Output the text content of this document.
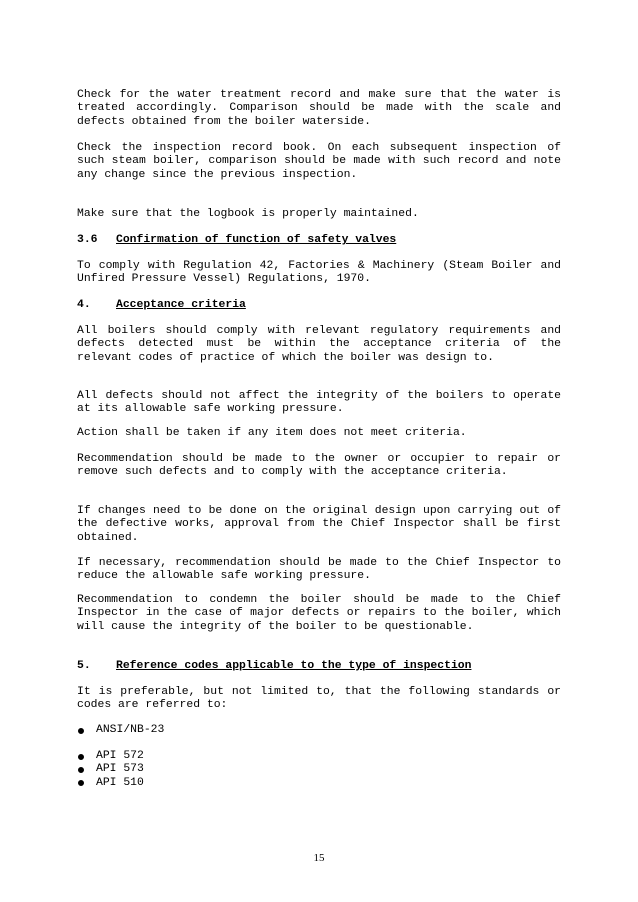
Check for the water treatment record and make sure that the water is treated accordingly. Comparison should be made with the scale and defects obtained from the boiler waterside.

Check the inspection record book. On each subsequent inspection of such steam boiler, comparison should be made with such record and note any change since the previous inspection.

Make sure that the logbook is properly maintained.

3.6 Confirmation of function of safety valves

To comply with Regulation 42, Factories & Machinery (Steam Boiler and Unfired Pressure Vessel) Regulations, 1970.

4. Acceptance criteria

All boilers should comply with relevant regulatory requirements and defects detected must be within the acceptance criteria of the relevant codes of practice of which the boiler was design to.

All defects should not affect the integrity of the boilers to operate at its allowable safe working pressure.

Action shall be taken if any item does not meet criteria.

Recommendation should be made to the owner or occupier to repair or remove such defects and to comply with the acceptance criteria.

If changes need to be done on the original design upon carrying out of the defective works, approval from the Chief Inspector shall be first obtained.

If necessary, recommendation should be made to the Chief Inspector to reduce the allowable safe working pressure.

Recommendation to condemn the boiler should be made to the Chief Inspector in the case of major defects or repairs to the boiler, which will cause the integrity of the boiler to be questionable.

5. Reference codes applicable to the type of inspection

It is preferable, but not limited to, that the following standards or codes are referred to:

ANSI/NB-23
API 572
API 573
API 510
15
